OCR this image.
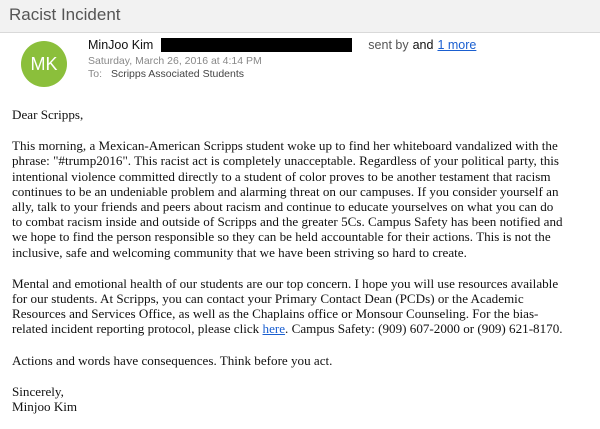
Racist Incident
MK
MinJoo Kim	sent by and 1 more
Saturday, March 26, 2016 at 4:14 PM
To: Scripps Associated Students

Dear Scripps,

This morning, a Mexican-American Scripps student woke up to find her whiteboard vandalized with the
phrase: "#trump2016". This racist act is completely unacceptable. Regardless of your political party, this
intentional violence committed directly to a student of color proves to be another testament that racism
continues to be an undeniable problem and alarming threat on our campuses. If you consider yourself an
ally, talk to your friends and peers about racism and continue to educate yourselves on what you can do
to combat racism inside and outside of Scripps and the greater 5Cs. Campus Safety has been notified and
we hope to find the person responsible so they can be held accountable for their actions. This is not the
inclusive, safe and welcoming community that we have been striving so hard to create.
Mental and emotional health of our students are our top concern. I hope you will use resources available
for our students. At Scripps, you can contact your Primary Contact Dean (PCDs) or the Academic
Resources and Services Office, as well as the Chaplains office or Monsour Counseling. For the bias-
related incident reporting protocol, please click here. Campus Safety: (909) 607-2000 or (909) 621-8170.

Actions and words have consequences. Think before you act.

Sincerely,

Minjoo Kim
